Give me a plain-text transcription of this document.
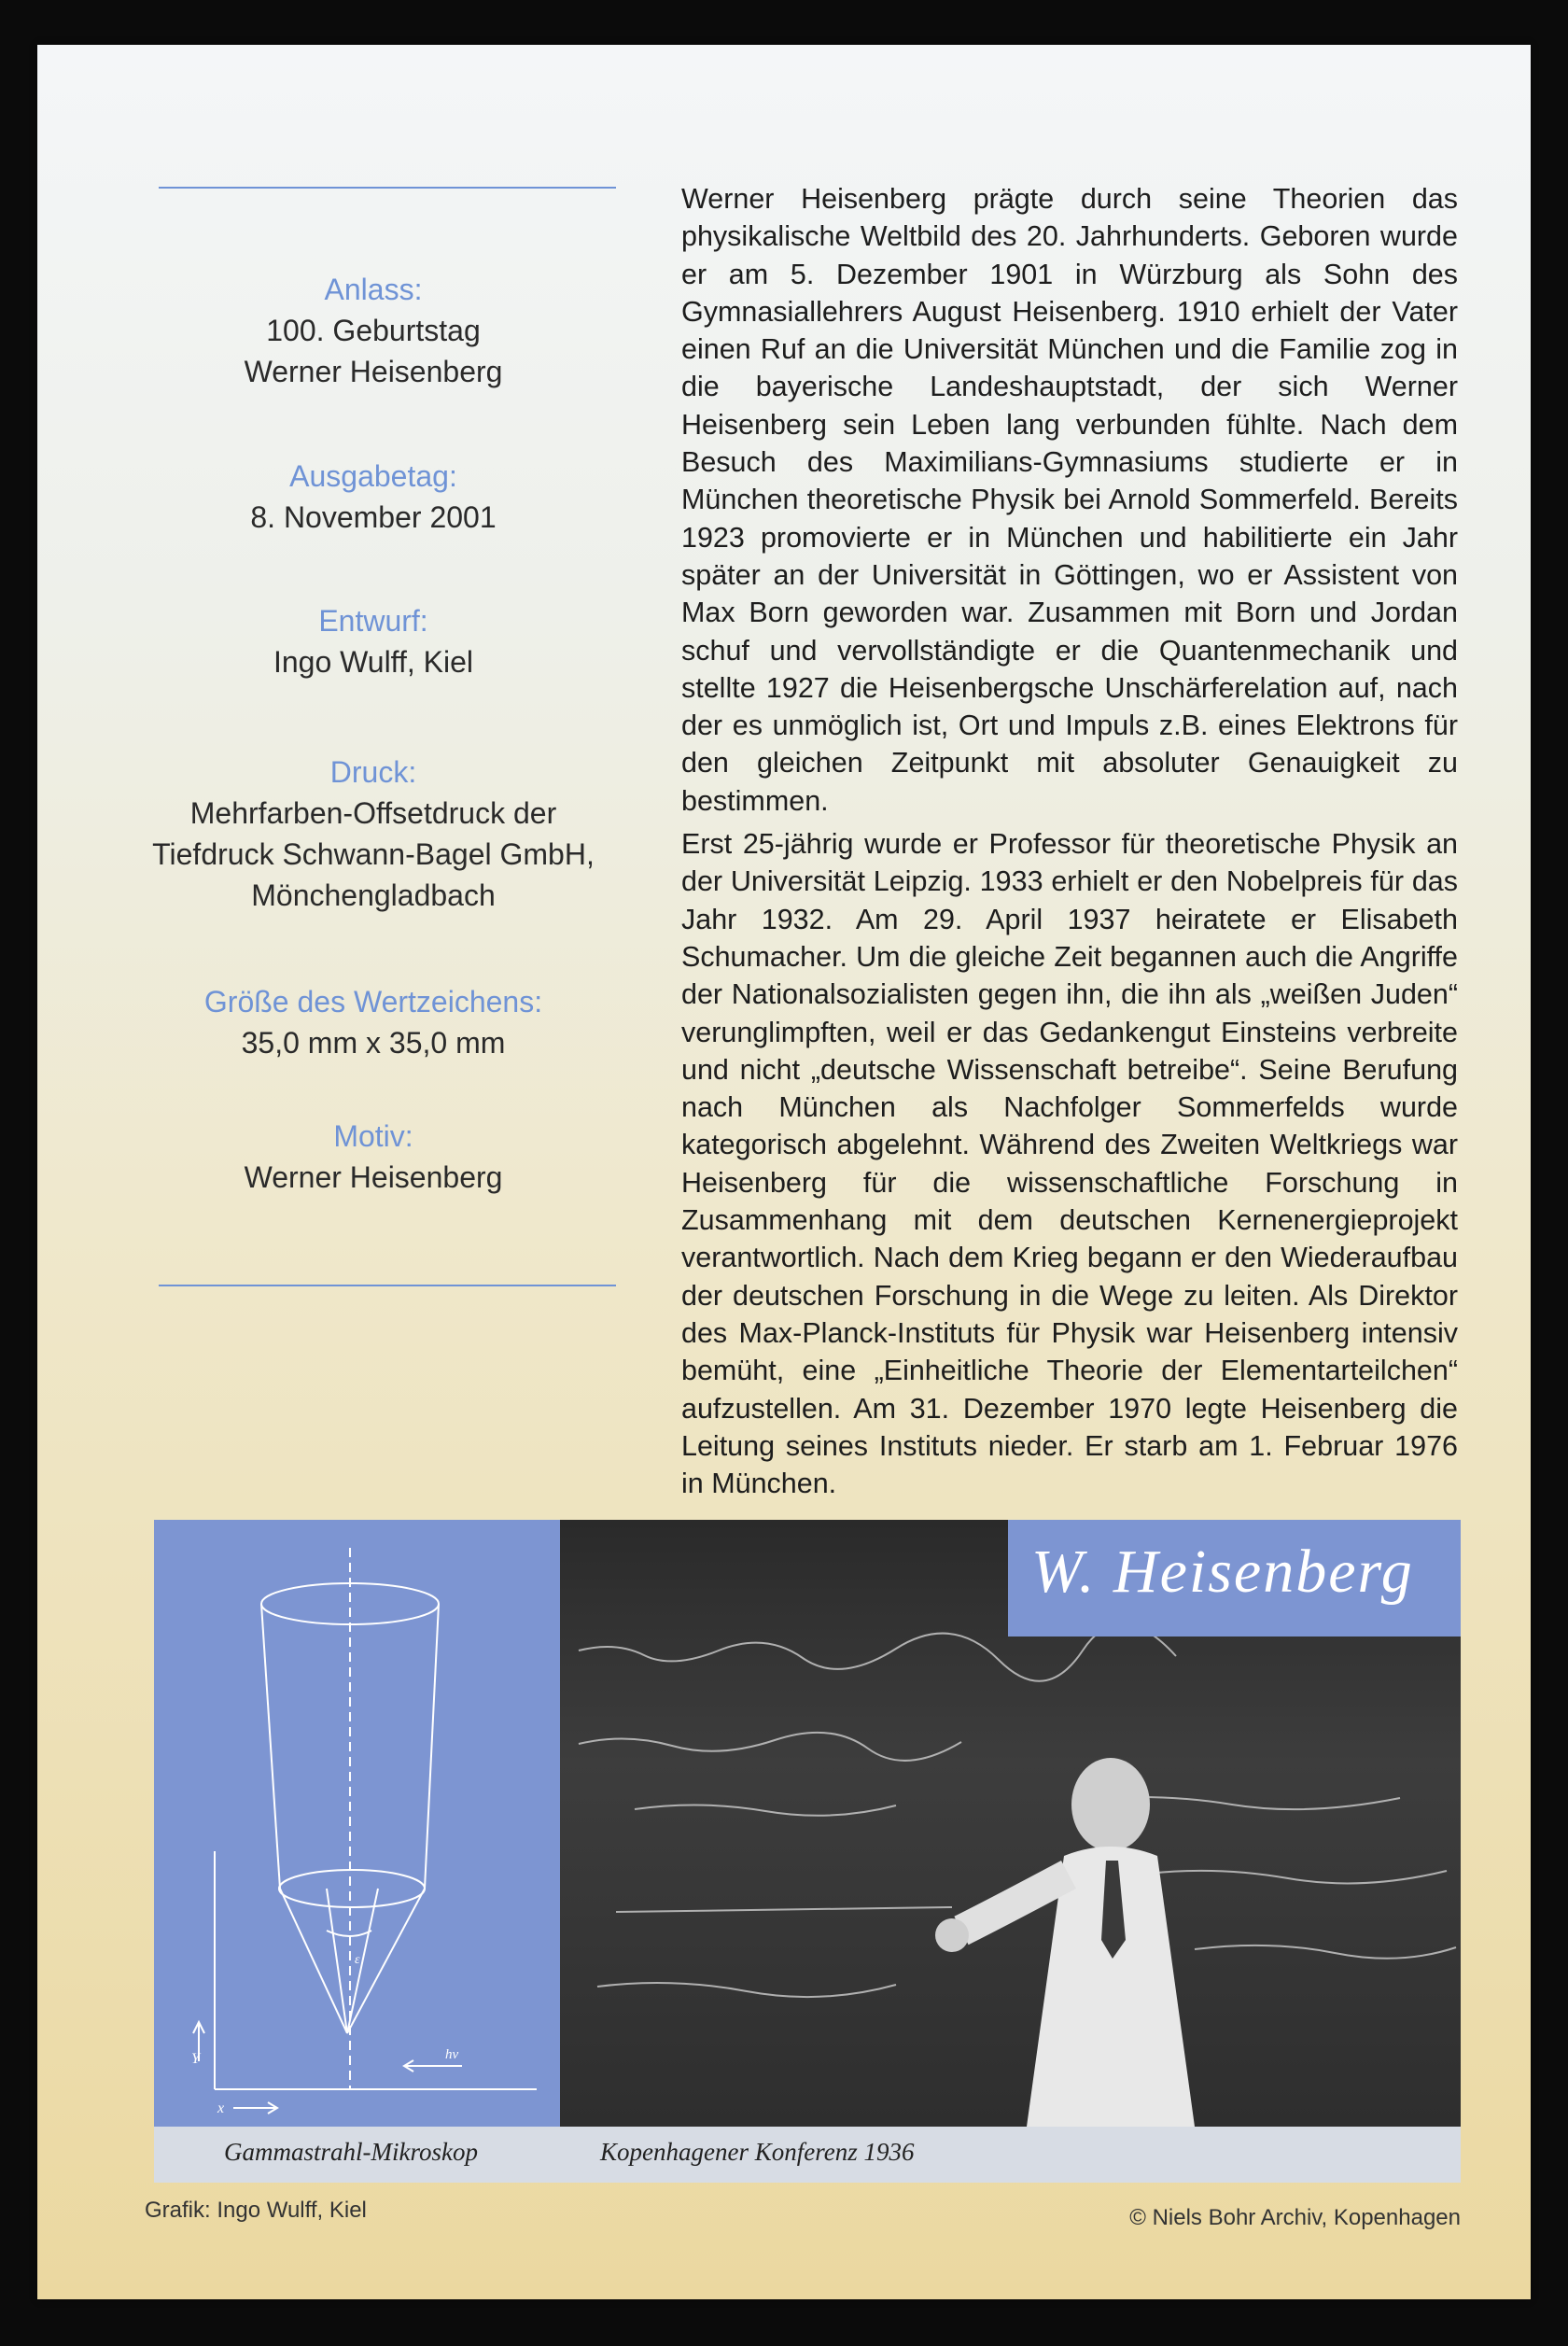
Anlass:

100. Geburtstag

Werner Heisenberg

Ausgabetag:

8. November 2001

Entwurf:

Ingo Wulff, Kiel

Druck:

Mehrfarben-Offsetdruck der

Tiefdruck Schwann-Bagel GmbH,

Mönchengladbach

Größe des Wertzeichens:

35,0 mm x 35,0 mm

Motiv:

Werner Heisenberg

Werner Heisenberg prägte durch seine Theorien das physikalische Weltbild des 20. Jahrhunderts. Geboren wurde er am 5. Dezember 1901 in Würzburg als Sohn des Gymnasiallehrers August Heisenberg. 1910 erhielt der Vater einen Ruf an die Universität München und die Familie zog in die bayerische Landeshauptstadt, der sich Werner Heisenberg sein Leben lang verbunden fühlte. Nach dem Besuch des Maximilians-Gymnasiums studierte er in München theoretische Physik bei Arnold Sommerfeld. Bereits 1923 promovierte er in München und habilitierte ein Jahr später an der Universität in Göttingen, wo er Assistent von Max Born geworden war. Zusammen mit Born und Jordan schuf und vervollständigte er die Quantenmechanik und stellte 1927 die Heisenbergsche Unschärferelation auf, nach der es unmöglich ist, Ort und Impuls z.B. eines Elektrons für den gleichen Zeitpunkt mit absoluter Genauigkeit zu bestimmen.

Erst 25-jährig wurde er Professor für theoretische Physik an der Universität Leipzig. 1933 erhielt er den Nobelpreis für das Jahr 1932. Am 29. April 1937 heiratete er Elisabeth Schumacher. Um die gleiche Zeit begannen auch die Angriffe der Nationalsozialisten gegen ihn, die ihn als „weißen Juden“ verunglimpften, weil er das Gedankengut Einsteins verbreite und nicht „deutsche Wissenschaft betreibe“. Seine Berufung nach München als Nachfolger Sommerfelds wurde kategorisch abgelehnt. Während des Zweiten Weltkriegs war Heisenberg für die wissenschaftliche Forschung in Zusammenhang mit dem deutschen Kernenergieprojekt verantwortlich. Nach dem Krieg begann er den Wiederaufbau der deutschen Forschung in die Wege zu leiten. Als Direktor des Max-Planck-Instituts für Physik war Heisenberg intensiv bemüht, eine „Einheitliche Theorie der Elementarteilchen“ aufzustellen. Am 31. Dezember 1970 legte Heisenberg die Leitung seines Instituts nieder. Er starb am 1. Februar 1976 in München.

Y
x
hν
ε
W. Heisenberg
Gammastrahl-Mikroskop	Kopenhagener Konferenz 1936
Grafik: Ingo Wulff, Kiel	© Niels Bohr Archiv, Kopenhagen
